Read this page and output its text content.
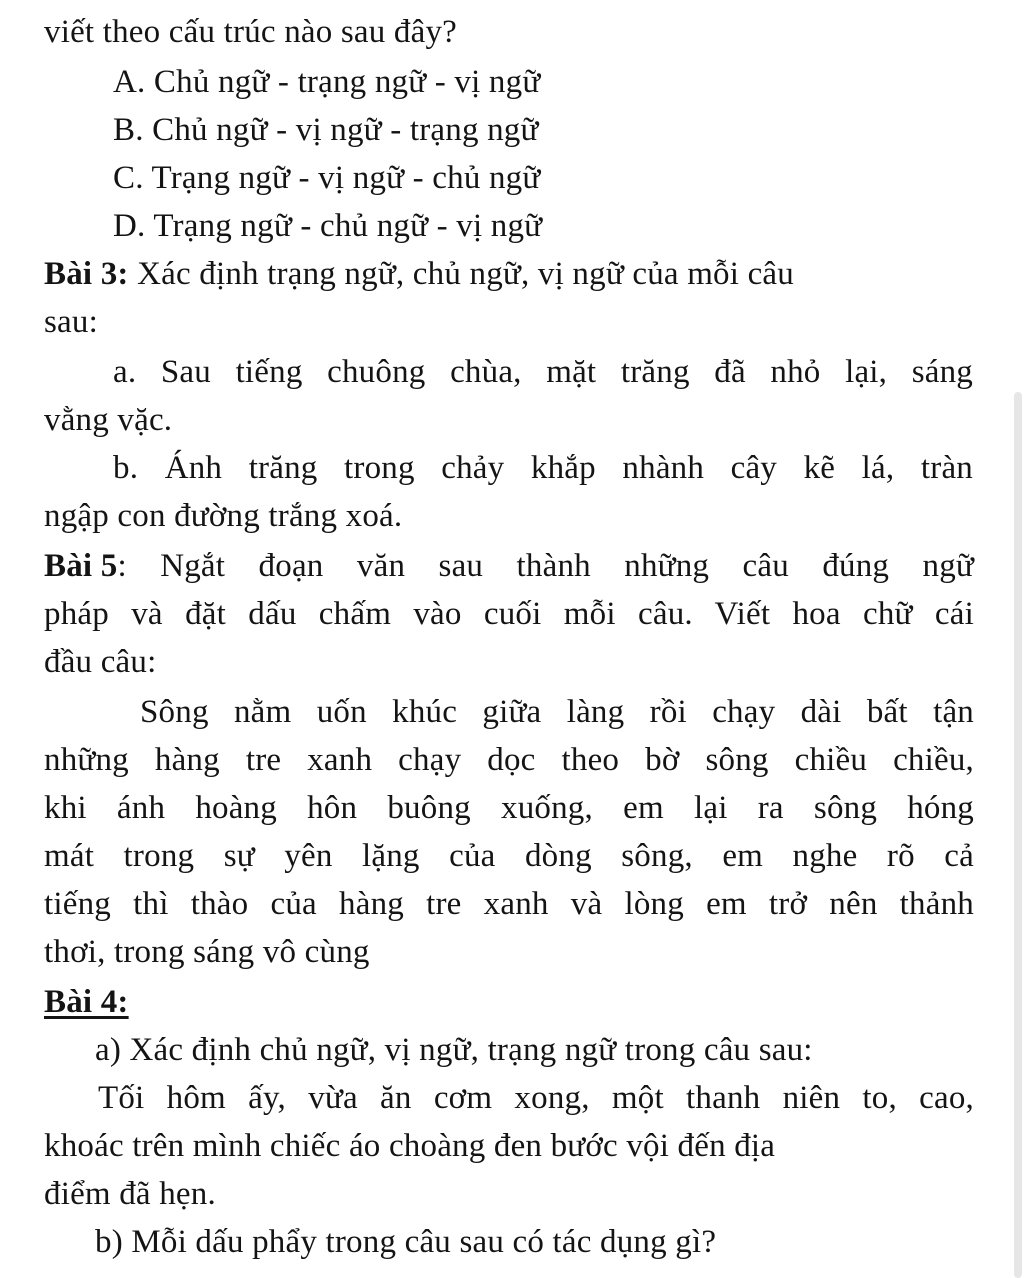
viết theo cấu trúc nào sau đây?
A. Chủ ngữ - trạng ngữ - vị ngữ
B. Chủ ngữ - vị ngữ - trạng ngữ
C. Trạng ngữ - vị ngữ - chủ ngữ
D. Trạng ngữ - chủ ngữ - vị ngữ
Bài 3: Xác định trạng ngữ, chủ ngữ, vị ngữ của mỗi câu
sau:
a. Sau tiếng chuông chùa, mặt trăng đã nhỏ lại, sáng
vằng vặc.
b. Ánh trăng trong chảy khắp nhành cây kẽ lá, tràn
ngập con đường trắng xoá.
Bài 5 : Ngắt đoạn văn sau thành những câu đúng ngữ
pháp và đặt dấu chấm vào cuối mỗi câu. Viết hoa chữ cái
đầu câu:
Sông nằm uốn khúc giữa làng rồi chạy dài bất tận
những hàng tre xanh chạy dọc theo bờ sông chiều chiều,
khi ánh hoàng hôn buông xuống, em lại ra sông hóng
mát trong sự yên lặng của dòng sông, em nghe rõ cả
tiếng thì thào của hàng tre xanh và lòng em trở nên thảnh
thơi, trong sáng vô cùng
Bài 4:
a) Xác định chủ ngữ, vị ngữ, trạng ngữ trong câu sau:
Tối hôm ấy, vừa ăn cơm xong, một thanh niên to, cao,
khoác trên mình chiếc áo choàng đen bước vội đến địa
điểm đã hẹn.
b) Mỗi dấu phẩy trong câu sau có tác dụng gì?
